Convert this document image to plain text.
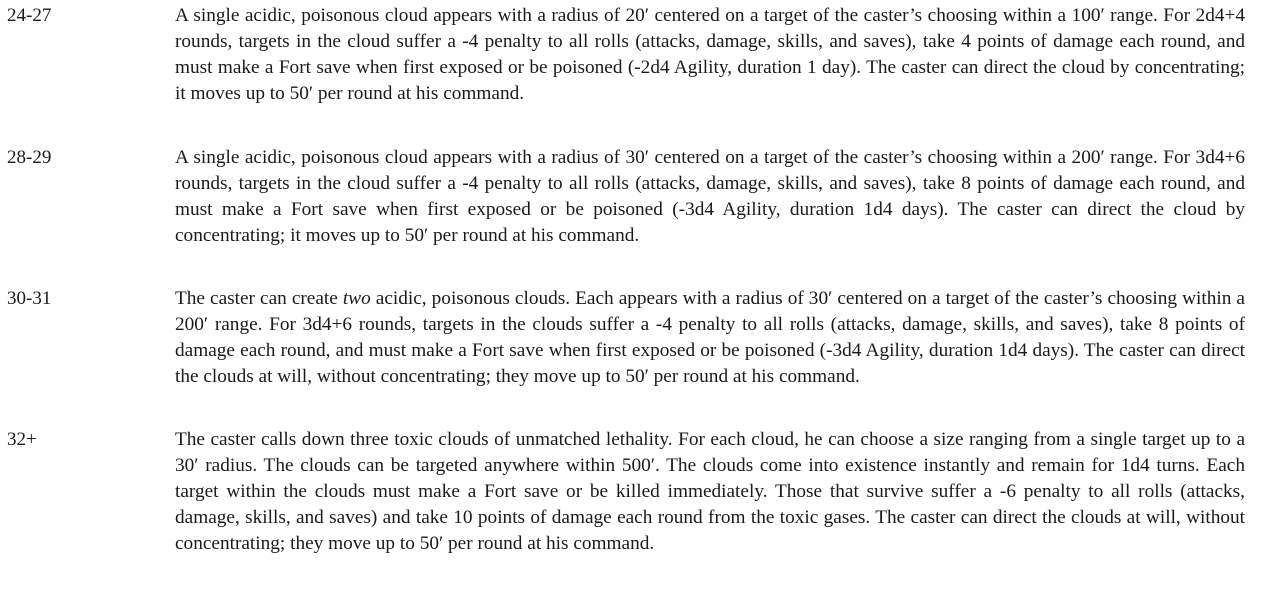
24-27	A single acidic, poisonous cloud appears with a radius of 20′ centered on a target of the caster’s choosing within a 100′ range. For 2d4+4 rounds, targets in the cloud suffer a -4 penalty to all rolls (attacks, damage, skills, and saves), take 4 points of damage each round, and must make a Fort save when first exposed or be poisoned (-2d4 Agility, duration 1 day). The caster can direct the cloud by concentrating; it moves up to 50′ per round at his command.

28-29	A single acidic, poisonous cloud appears with a radius of 30′ centered on a target of the caster’s choosing within a 200′ range. For 3d4+6 rounds, targets in the cloud suffer a -4 penalty to all rolls (attacks, damage, skills, and saves), take 8 points of damage each round, and must make a Fort save when first exposed or be poisoned (-3d4 Agility, duration 1d4 days). The caster can direct the cloud by concentrating; it moves up to 50′ per round at his command.

30-31	The caster can create two acidic, poisonous clouds. Each appears with a radius of 30′ centered on a target of the caster’s choosing within a 200′ range. For 3d4+6 rounds, targets in the clouds suffer a -4 penalty to all rolls (attacks, damage, skills, and saves), take 8 points of damage each round, and must make a Fort save when first exposed or be poisoned (-3d4 Agility, duration 1d4 days). The caster can direct the clouds at will, without concentrating; they move up to 50′ per round at his command.

32+	The caster calls down three toxic clouds of unmatched lethality. For each cloud, he can choose a size ranging from a single target up to a 30′ radius. The clouds can be targeted anywhere within 500′. The clouds come into existence instantly and remain for 1d4 turns. Each target within the clouds must make a Fort save or be killed immediately. Those that survive suffer a -6 penalty to all rolls (attacks, damage, skills, and saves) and take 10 points of damage each round from the toxic gases. The caster can direct the clouds at will, without concentrating; they move up to 50′ per round at his command.
